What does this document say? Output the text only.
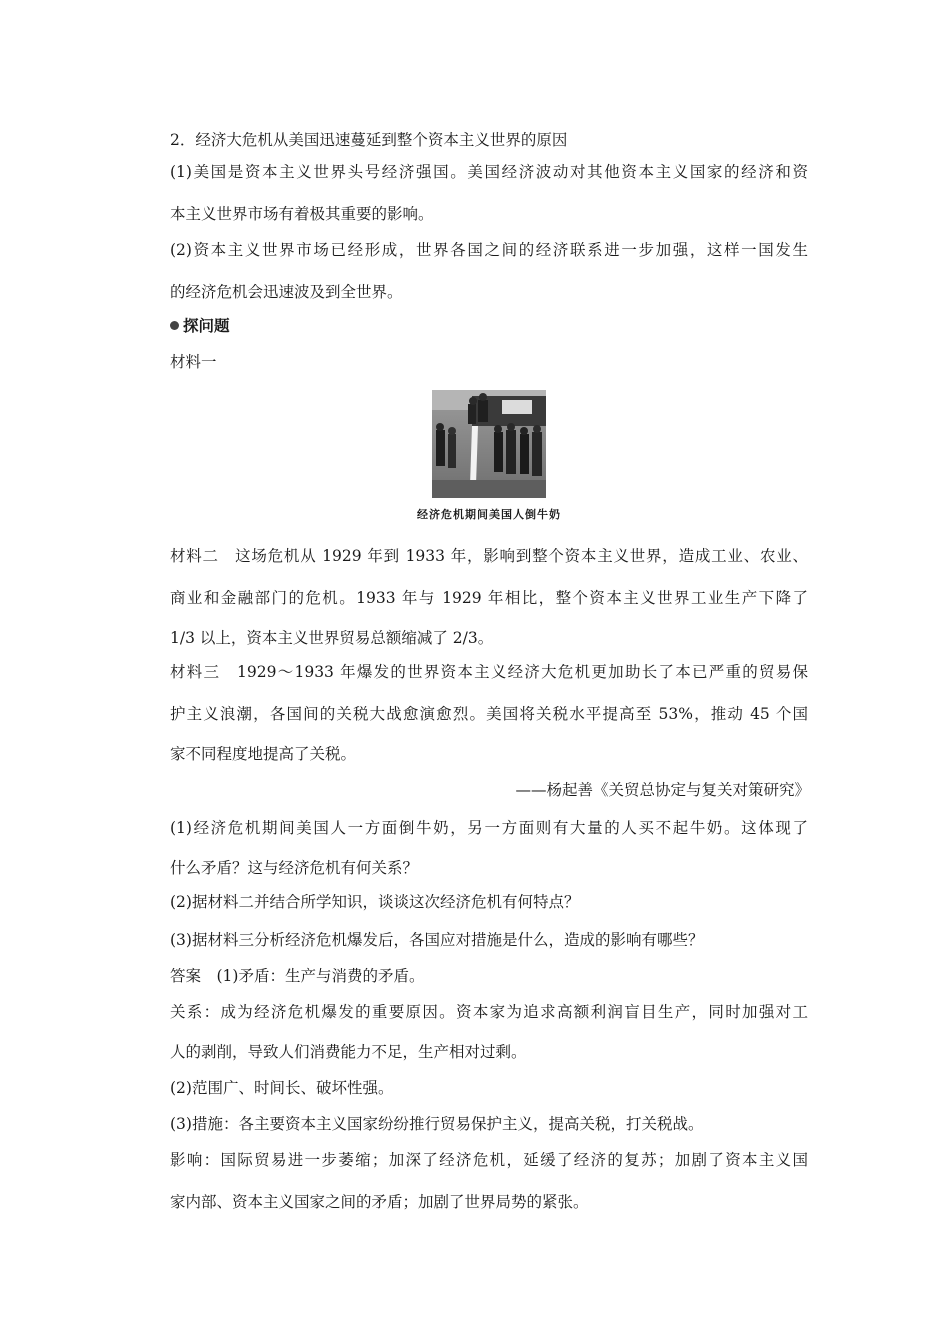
2．经济大危机从美国迅速蔓延到整个资本主义世界的原因
(1)美国是资本主义世界头号经济强国。美国经济波动对其他资本主义国家的经济和资
本主义世界市场有着极其重要的影响。
(2)资本主义世界市场已经形成，世界各国之间的经济联系进一步加强，这样一国发生
的经济危机会迅速波及到全世界。
探问题
材料一
经济危机期间美国人倒牛奶
材料二　这场危机从 1929 年到 1933 年，影响到整个资本主义世界，造成工业、农业、
商业和金融部门的危机。1933 年与 1929 年相比，整个资本主义世界工业生产下降了
1/3 以上，资本主义世界贸易总额缩减了 2/3。
材料三　1929～1933 年爆发的世界资本主义经济大危机更加助长了本已严重的贸易保
护主义浪潮，各国间的关税大战愈演愈烈。美国将关税水平提高至 53%，推动 45 个国
家不同程度地提高了关税。
——杨起善《关贸总协定与复关对策研究》
(1)经济危机期间美国人一方面倒牛奶，另一方面则有大量的人买不起牛奶。这体现了
什么矛盾？这与经济危机有何关系？
(2)据材料二并结合所学知识，谈谈这次经济危机有何特点？
(3)据材料三分析经济危机爆发后，各国应对措施是什么，造成的影响有哪些？
答案　(1)矛盾：生产与消费的矛盾。
关系：成为经济危机爆发的重要原因。资本家为追求高额利润盲目生产，同时加强对工
人的剥削，导致人们消费能力不足，生产相对过剩。
(2)范围广、时间长、破坏性强。
(3)措施：各主要资本主义国家纷纷推行贸易保护主义，提高关税，打关税战。
影响：国际贸易进一步萎缩；加深了经济危机，延缓了经济的复苏；加剧了资本主义国
家内部、资本主义国家之间的矛盾；加剧了世界局势的紧张。
